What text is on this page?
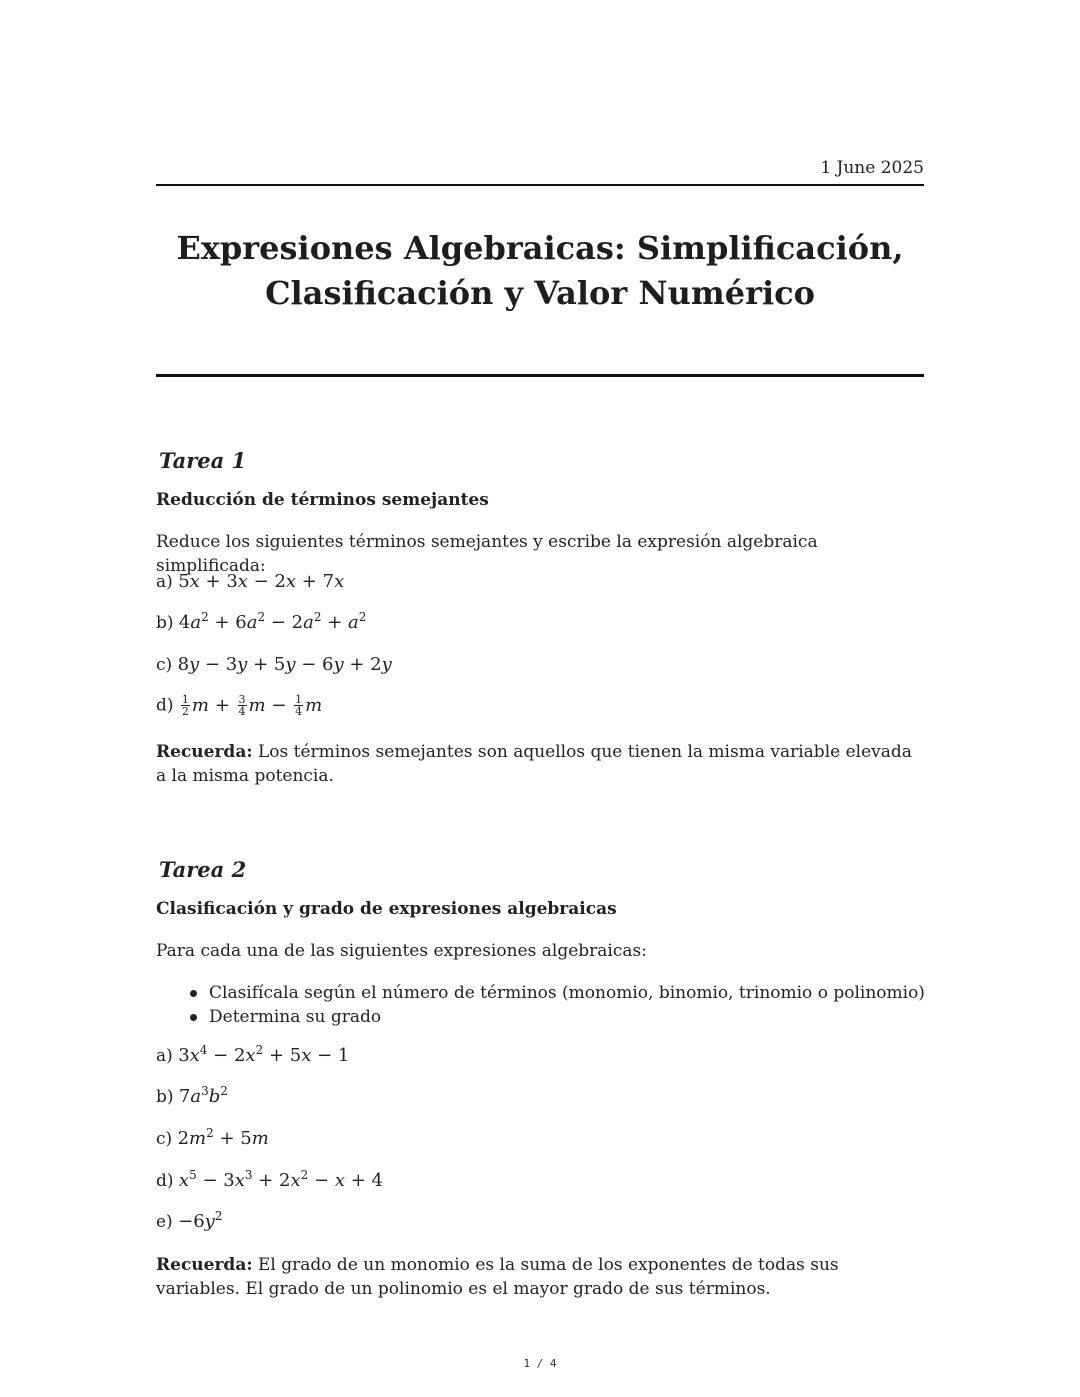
1 June 2025
Expresiones Algebraicas: Simplificación,
Clasificación y Valor Numérico
Tarea 1
Reducción de términos semejantes
Reduce los siguientes términos semejantes y escribe la expresión algebraica simplificada:
a) 5x + 3x − 2x + 7x
b) $4a^2 + 6a^2 - 2a^2 + a^2$
c) 8y − 3y + 5y − 6y + 2y
$d) \frac{1}{2}$ $m + \frac{3}{4}$ $m - \frac{1}{4}$ m
Recuerda: Los términos semejantes son aquellos que tienen la misma variable elevada a la misma potencia.
Tarea 2
Clasificación y grado de expresiones algebraicas
Para cada una de las siguientes expresiones algebraicas:
Clasifícala según el número de términos (monomio, binomio, trinomio o polinomio)
Determina su grado
a) $3x^4 - 2x^2 + 5x - 1$
b) $7a^3b^2$
c) $2m^2 + 5m$
d) $x^5 - 3x^3 + 2x^2 - x + 4$
$e) -6y^2$
Recuerda: El grado de un monomio es la suma de los exponentes de todas sus variables. El grado de un polinomio es el mayor grado de sus términos.
1 / 4
